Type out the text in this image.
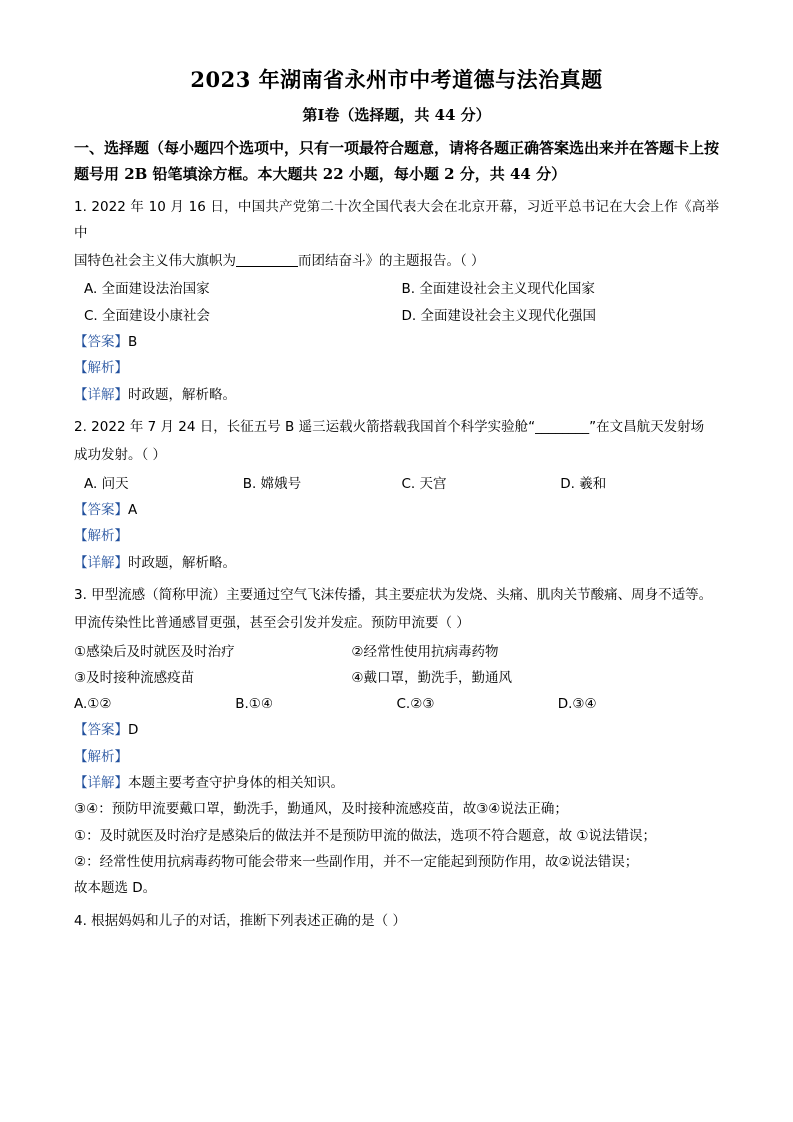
2023 年湖南省永州市中考道德与法治真题
第I卷（选择题，共 44 分）
一、选择题（每小题四个选项中，只有一项最符合题意，请将各题正确答案选出来并在答题卡上按题号用 2B 铅笔填涂方框。本大题共 22 小题，每小题 2 分，共 44 分）
1. 2022 年 10 月 16 日，中国共产党第二十次全国代表大会在北京开幕，习近平总书记在大会上作《高举中
国特色社会主义伟大旗帜为	而团结奋斗》的主题报告。（ ）
A. 全面建设法治国家	B. 全面建设社会主义现代化国家
C. 全面建设小康社会	D. 全面建设社会主义现代化强国
【答案】B
【解析】
【详解】时政题，解析略。
2. 2022 年 7 月 24 日，长征五号 B 遥三运载火箭搭载我国首个科学实验舱“________”在文昌航天发射场
成功发射。（ ）
A. 问天	B. 嫦娥号	C. 天宫	D. 羲和
【答案】A
【解析】
【详解】时政题，解析略。
3. 甲型流感（简称甲流）主要通过空气飞沫传播，其主要症状为发烧、头痛、肌肉关节酸痛、周身不适等。
甲流传染性比普通感冒更强，甚至会引发并发症。预防甲流要（ ）
①感染后及时就医及时治疗	②经常性使用抗病毒药物
③及时接种流感疫苗	④戴口罩，勤洗手，勤通风
A.①②	B.①④	C.②③	D.③④
【答案】D
【解析】
【详解】本题主要考查守护身体的相关知识。
③④：预防甲流要戴口罩，勤洗手，勤通风，及时接种流感疫苗，故③④说法正确；
①：及时就医及时治疗是感染后的做法并不是预防甲流的做法，选项不符合题意，故 ①说法错误；
②：经常性使用抗病毒药物可能会带来一些副作用，并不一定能起到预防作用，故②说法错误；
故本题选 D。
4. 根据妈妈和儿子的对话，推断下列表述正确的是（ ）
